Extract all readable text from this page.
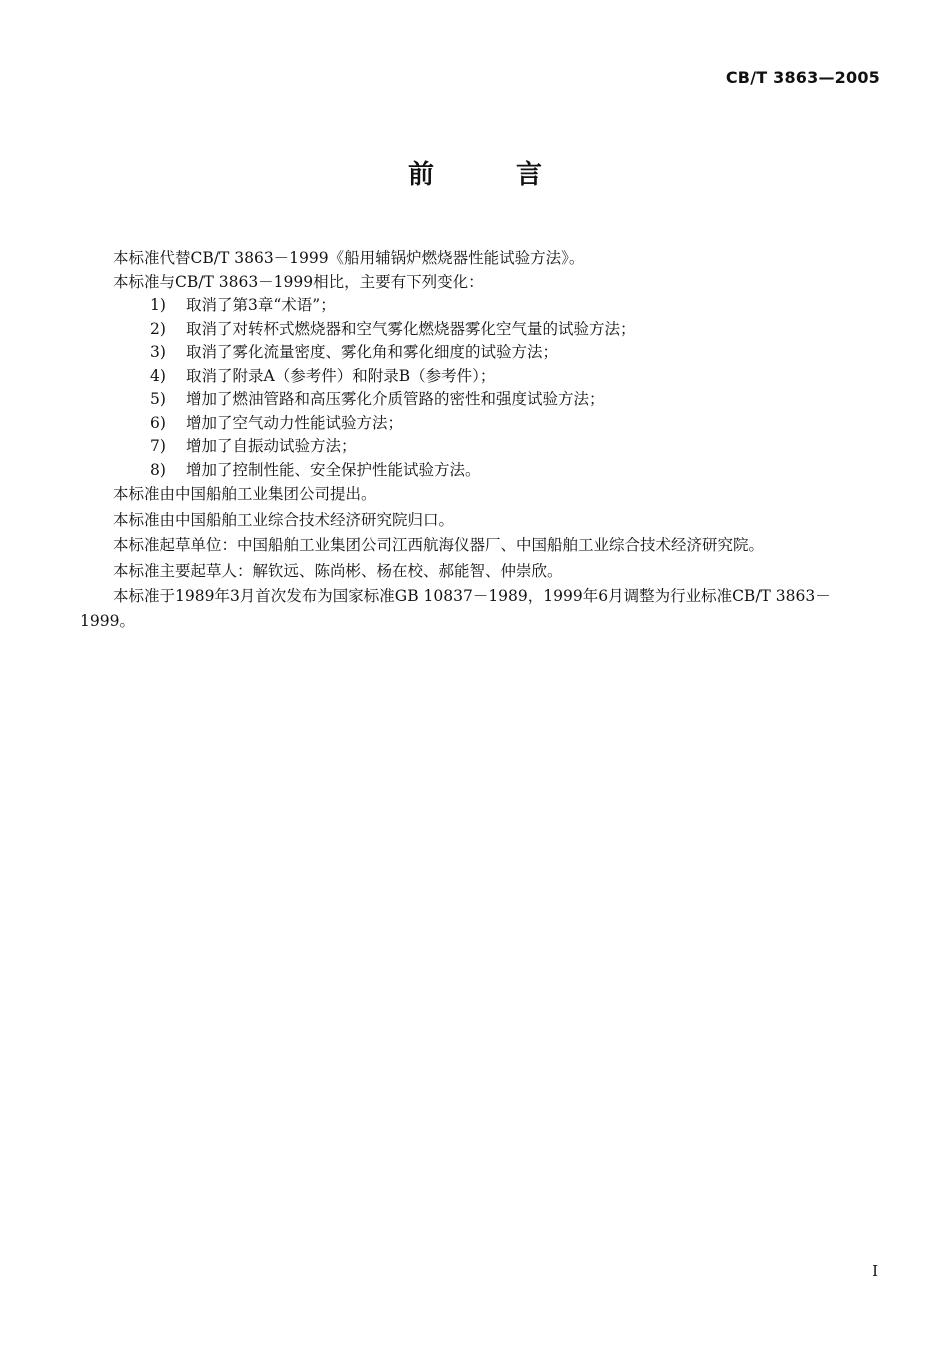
CB/T 3863—2005
前　言

本标准代替CB/T 3863－1999《船用辅锅炉燃烧器性能试验方法》。

本标准与CB/T 3863－1999相比，主要有下列变化：

1) 取消了第3章“术语”；
2) 取消了对转杯式燃烧器和空气雾化燃烧器雾化空气量的试验方法；
3) 取消了雾化流量密度、雾化角和雾化细度的试验方法；
4) 取消了附录A（参考件）和附录B（参考件）；
5) 增加了燃油管路和高压雾化介质管路的密性和强度试验方法；
6) 增加了空气动力性能试验方法；
7) 增加了自振动试验方法；
8) 增加了控制性能、安全保护性能试验方法。

本标准由中国船舶工业集团公司提出。

本标准由中国船舶工业综合技术经济研究院归口。

本标准起草单位：中国船舶工业集团公司江西航海仪器厂、中国船舶工业综合技术经济研究院。

本标准主要起草人：解钦远、陈尚彬、杨在校、郝能智、仲崇欣。

本标准于1989年3月首次发布为国家标准GB 10837－1989，1999年6月调整为行业标准CB/T 3863－1999。

I
